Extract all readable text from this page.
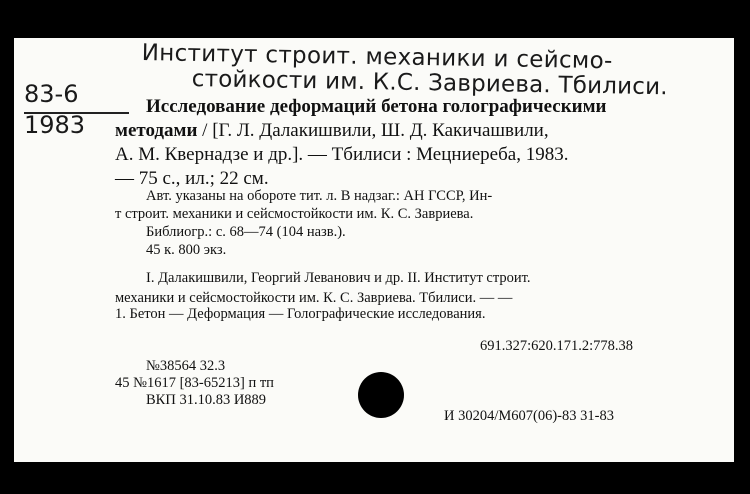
Институт строит. механики и сейсмо-
стойкости им. К.С. Завриева. Тбилиси.
83-6
1983
Исследование деформаций бетона голографическими
методами / [Г. Л. Далакишвили, Ш. Д. Какичашвили,
А. М. Квернадзе и др.]. — Тбилиси : Мецниереба, 1983.
— 75 с., ил.; 22 см.
Авт. указаны на обороте тит. л. В надзаг.: АН ГССР, Ин-
т строит. механики и сейсмостойкости им. К. С. Завриева.
Библиогр.: с. 68—74 (104 назв.).
45 к. 800 экз.
I. Далакишвили, Георгий Леванович и др. II. Институт строит.
механики и сейсмостойкости им. К. С. Завриева. Тбилиси. — —
1. Бетон — Деформация — Голографические исследования.
691.327:620.171.2:778.38
№38564 32.3
45 №1617 [83-65213] п тп
ВКП 31.10.83 И889
И 30204/М607(06)-83 31-83
